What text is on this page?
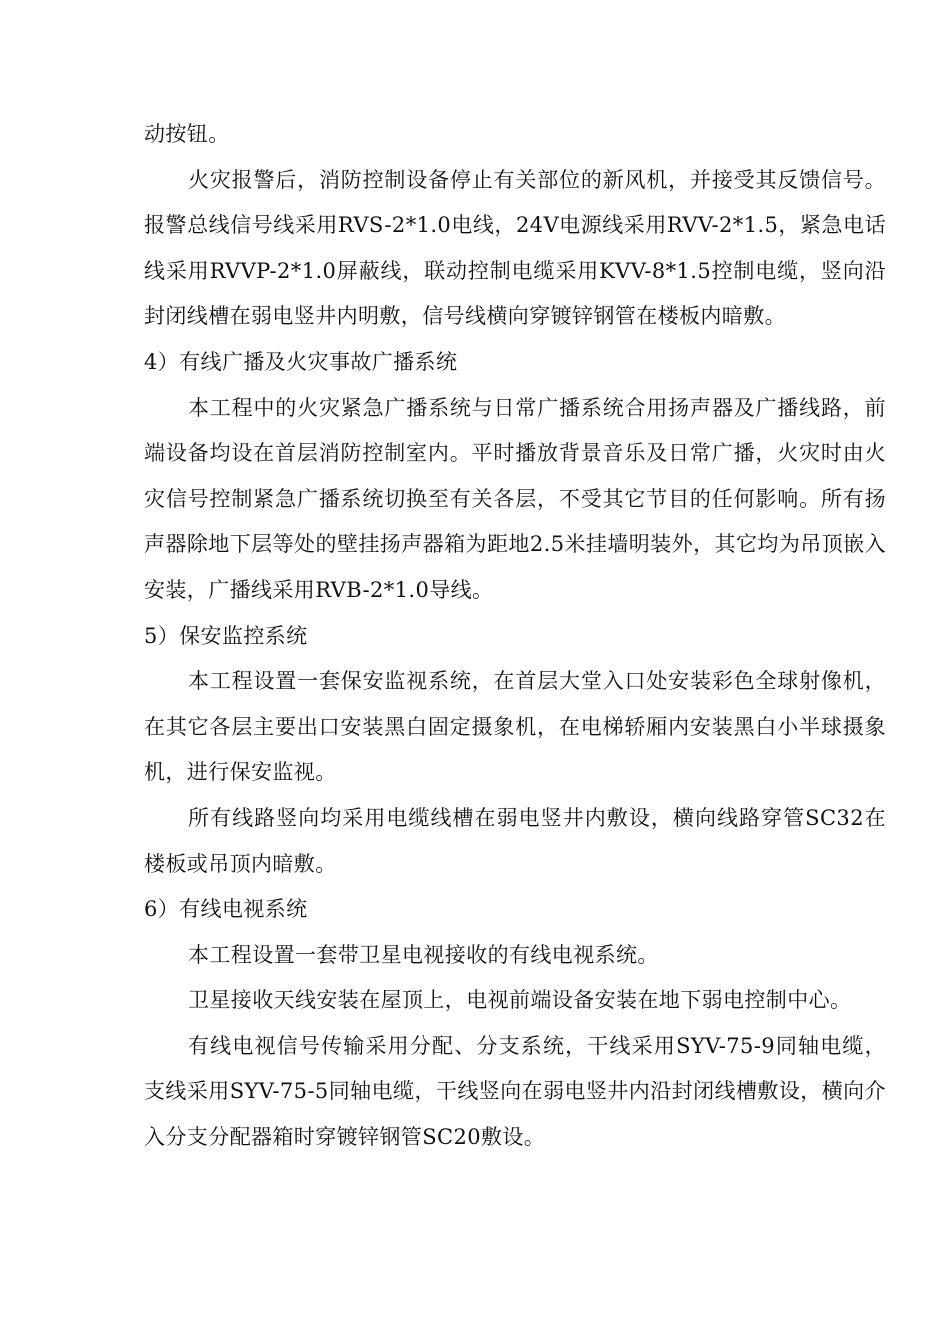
动按钮。

火灾报警后，消防控制设备停止有关部位的新风机，并接受其反馈信号。报警总线信号线采用RVS-2*1.0电线，24V电源线采用RVV-2*1.5，紧急电话线采用RVVP-2*1.0屏蔽线，联动控制电缆采用KVV-8*1.5控制电缆，竖向沿封闭线槽在弱电竖井内明敷，信号线横向穿镀锌钢管在楼板内暗敷。

4）有线广播及火灾事故广播系统

本工程中的火灾紧急广播系统与日常广播系统合用扬声器及广播线路，前端设备均设在首层消防控制室内。平时播放背景音乐及日常广播，火灾时由火灾信号控制紧急广播系统切换至有关各层，不受其它节目的任何影响。所有扬声器除地下层等处的壁挂扬声器箱为距地2.5米挂墙明装外，其它均为吊顶嵌入安装，广播线采用RVB-2*1.0导线。

5）保安监控系统

本工程设置一套保安监视系统，在首层大堂入口处安装彩色全球射像机，在其它各层主要出口安装黑白固定摄象机，在电梯轿厢内安装黑白小半球摄象机，进行保安监视。

所有线路竖向均采用电缆线槽在弱电竖井内敷设，横向线路穿管SC32在楼板或吊顶内暗敷。

6）有线电视系统

本工程设置一套带卫星电视接收的有线电视系统。

卫星接收天线安装在屋顶上，电视前端设备安装在地下弱电控制中心。

有线电视信号传输采用分配、分支系统，干线采用SYV-75-9同轴电缆，支线采用SYV-75-5同轴电缆，干线竖向在弱电竖井内沿封闭线槽敷设，横向介入分支分配器箱时穿镀锌钢管SC20敷设。
